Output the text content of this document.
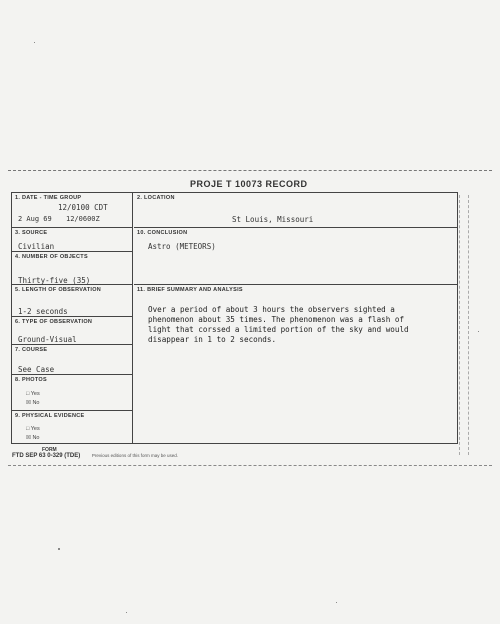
PROJE T 10073 RECORD
1. DATE - TIME GROUP
12/0100 CDT
2 Aug 69 12/0600Z
3. SOURCE
Civilian
4. NUMBER OF OBJECTS
Thirty-five (35)
5. LENGTH OF OBSERVATION
1-2 seconds
6. TYPE OF OBSERVATION
Ground-Visual
7. COURSE
See Case
8. PHOTOS
□ Yes
☒ No
9. PHYSICAL EVIDENCE
□ Yes
☒ No
2. LOCATION
St Louis, Missouri
10. CONCLUSION
Astro (METEORS)
11. BRIEF SUMMARY AND ANALYSIS
Over a period of about 3 hours the observers sighted a
phenomenon about 35 times. The phenomenon was a flash of
light that corssed a limited portion of the sky and would
disappear in 1 to 2 seconds.
FORM
FTD SEP 63 0-329 (TDE)	Previous editions of this form may be used.
